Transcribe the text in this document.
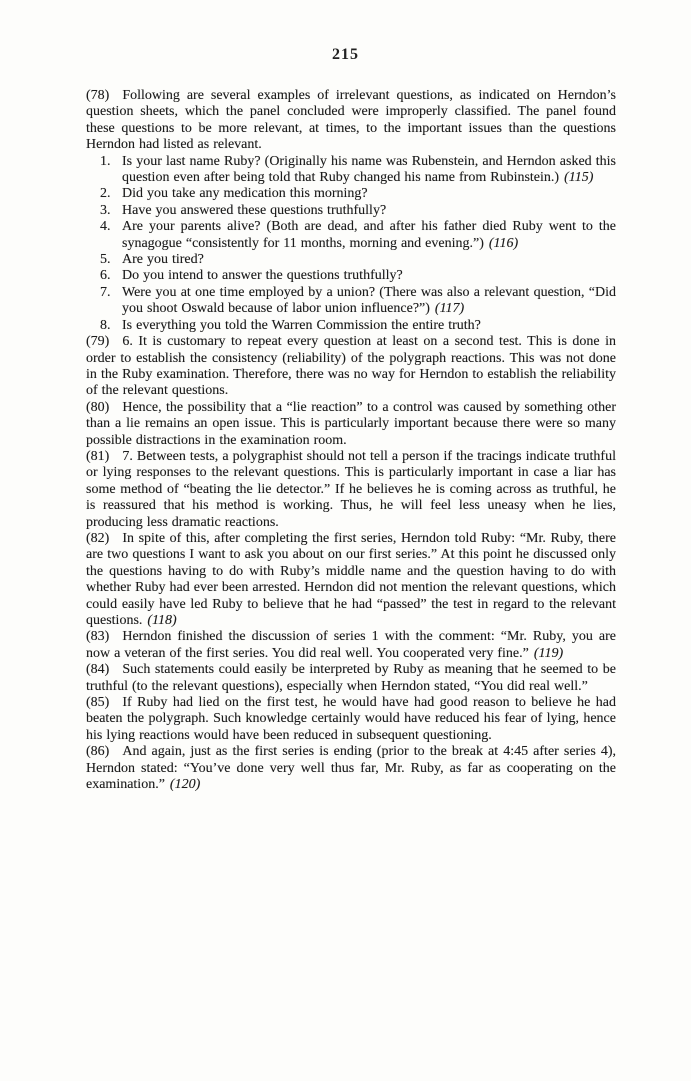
215

(78) Following are several examples of irrelevant questions, as indicated on Herndon’s question sheets, which the panel concluded were improperly classified. The panel found these questions to be more relevant, at times, to the important issues than the questions Herndon had listed as relevant.

1. Is your last name Ruby? (Originally his name was Rubenstein, and Herndon asked this question even after being told that Ruby changed his name from Rubinstein.) (115)
2. Did you take any medication this morning?
3. Have you answered these questions truthfully?
4. Are your parents alive? (Both are dead, and after his father died Ruby went to the synagogue “consistently for 11 months, morning and evening.”) (116)
5. Are you tired?
6. Do you intend to answer the questions truthfully?
7. Were you at one time employed by a union? (There was also a relevant question, “Did you shoot Oswald because of labor union influence?”) (117)
8. Is everything you told the Warren Commission the entire truth?

(79) 6. It is customary to repeat every question at least on a second test. This is done in order to establish the consistency (reliability) of the polygraph reactions. This was not done in the Ruby examination. Therefore, there was no way for Herndon to establish the reliability of the relevant questions.

(80) Hence, the possibility that a “lie reaction” to a control was caused by something other than a lie remains an open issue. This is particularly important because there were so many possible distractions in the examination room.

(81) 7. Between tests, a polygraphist should not tell a person if the tracings indicate truthful or lying responses to the relevant questions. This is particularly important in case a liar has some method of “beating the lie detector.” If he believes he is coming across as truthful, he is reassured that his method is working. Thus, he will feel less uneasy when he lies, producing less dramatic reactions.

(82) In spite of this, after completing the first series, Herndon told Ruby: “Mr. Ruby, there are two questions I want to ask you about on our first series.” At this point he discussed only the questions having to do with Ruby’s middle name and the question having to do with whether Ruby had ever been arrested. Herndon did not mention the relevant questions, which could easily have led Ruby to believe that he had “passed” the test in regard to the relevant questions. (118)

(83) Herndon finished the discussion of series 1 with the comment: “Mr. Ruby, you are now a veteran of the first series. You did real well. You cooperated very fine.” (119)

(84) Such statements could easily be interpreted by Ruby as meaning that he seemed to be truthful (to the relevant questions), especially when Herndon stated, “You did real well.”

(85) If Ruby had lied on the first test, he would have had good reason to believe he had beaten the polygraph. Such knowledge certainly would have reduced his fear of lying, hence his lying reactions would have been reduced in subsequent questioning.

(86) And again, just as the first series is ending (prior to the break at 4:45 after series 4), Herndon stated: “You’ve done very well thus far, Mr. Ruby, as far as cooperating on the examination.” (120)
